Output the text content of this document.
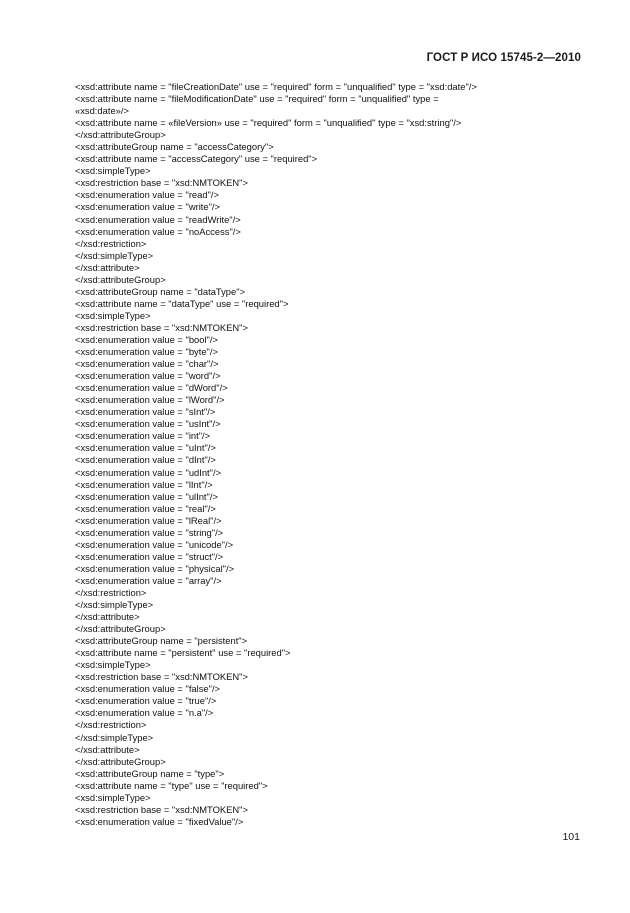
ГОСТ Р ИСО 15745-2—2010
<xsd:attribute name = "fileCreationDate" use = "required" form = "unqualified" type = "xsd:date"/>
<xsd:attribute name = "fileModificationDate" use = "required" form = "unqualified" type =
«xsd:date»/>
<xsd:attribute name = «fileVersion» use = "required" form = "unqualified" type = "xsd:string"/>
</xsd:attributeGroup>
<xsd:attributeGroup name = "accessCategory">
<xsd:attribute name = "accessCategory" use = "required">
<xsd:simpleType>
<xsd:restriction base = "xsd:NMTOKEN">
<xsd:enumeration value = "read"/>
<xsd:enumeration value = "write"/>
<xsd:enumeration value = "readWrite"/>
<xsd:enumeration value = "noAccess"/>
</xsd:restriction>
</xsd:simpleType>
</xsd:attribute>
</xsd:attributeGroup>
<xsd:attributeGroup name = "dataType">
<xsd:attribute name = "dataType" use = "required">
<xsd:simpleType>
<xsd:restriction base = "xsd:NMTOKEN">
<xsd:enumeration value = "bool"/>
<xsd:enumeration value = "byte"/>
<xsd:enumeration value = "char"/>
<xsd:enumeration value = "word"/>
<xsd:enumeration value = "dWord"/>
<xsd:enumeration value = "lWord"/>
<xsd:enumeration value = "sInt"/>
<xsd:enumeration value = "usInt"/>
<xsd:enumeration value = "int"/>
<xsd:enumeration value = "uInt"/>
<xsd:enumeration value = "dInt"/>
<xsd:enumeration value = "udInt"/>
<xsd:enumeration value = "lInt"/>
<xsd:enumeration value = "ulInt"/>
<xsd:enumeration value = "real"/>
<xsd:enumeration value = "lReal"/>
<xsd:enumeration value = "string"/>
<xsd:enumeration value = "unicode"/>
<xsd:enumeration value = "struct"/>
<xsd:enumeration value = "physical"/>
<xsd:enumeration value = "array"/>
</xsd:restriction>
</xsd:simpleType>
</xsd:attribute>
</xsd:attributeGroup>
<xsd:attributeGroup name = "persistent">
<xsd:attribute name = "persistent" use = "required">
<xsd:simpleType>
<xsd:restriction base = "xsd:NMTOKEN">
<xsd:enumeration value = "false"/>
<xsd:enumeration value = "true"/>
<xsd:enumeration value = "n.a"/>
</xsd:restriction>
</xsd:simpleType>
</xsd:attribute>
</xsd:attributeGroup>
<xsd:attributeGroup name = "type">
<xsd:attribute name = "type" use = "required">
<xsd:simpleType>
<xsd:restriction base = "xsd:NMTOKEN">
<xsd:enumeration value = "fixedValue"/>
101
